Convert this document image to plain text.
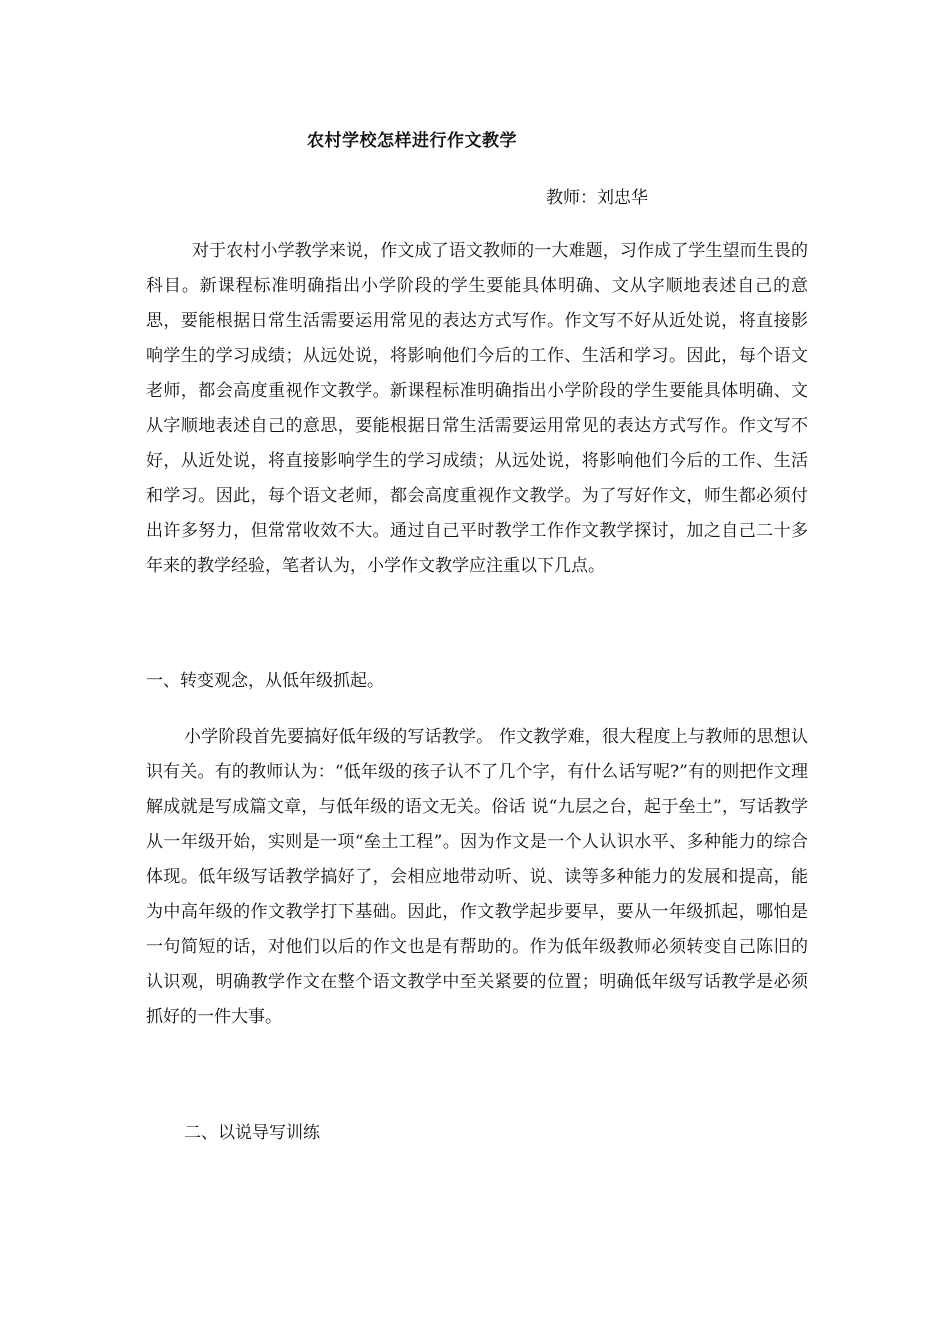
农村学校怎样进行作文教学
教师：刘忠华

对于农村小学教学来说，作文成了语文教师的一大难题，习作成了学生望而生畏的科目。新课程标准明确指出小学阶段的学生要能具体明确、文从字顺地表述自己的意思，要能根据日常生活需要运用常见的表达方式写作。作文写不好从近处说，将直接影响学生的学习成绩；从远处说，将影响他们今后的工作、生活和学习。因此，每个语文老师，都会高度重视作文教学。新课程标准明确指出小学阶段的学生要能具体明确、文从字顺地表述自己的意思，要能根据日常生活需要运用常见的表达方式写作。作文写不好，从近处说，将直接影响学生的学习成绩；从远处说，将影响他们今后的工作、生活和学习。因此，每个语文老师，都会高度重视作文教学。为了写好作文，师生都必须付出许多努力，但常常收效不大。通过自己平时教学工作作文教学探讨，加之自己二十多年来的教学经验，笔者认为，小学作文教学应注重以下几点。

一、转变观念，从低年级抓起。

小学阶段首先要搞好低年级的写话教学。 作文教学难，很大程度上与教师的思想认识有关。有的教师认为：“低年级的孩子认不了几个字，有什么话写呢?”有的则把作文理解成就是写成篇文章，与低年级的语文无关。俗话 说“九层之台，起于垒土”，写话教学从一年级开始，实则是一项“垒土工程”。因为作文是一个人认识水平、多种能力的综合体现。低年级写话教学搞好了，会相应地带动听、说、读等多种能力的发展和提高，能为中高年级的作文教学打下基础。因此，作文教学起步要早，要从一年级抓起，哪怕是一句简短的话，对他们以后的作文也是有帮助的。作为低年级教师必须转变自己陈旧的认识观，明确教学作文在整个语文教学中至关紧要的位置；明确低年级写话教学是必须抓好的一件大事。

二、以说导写训练
